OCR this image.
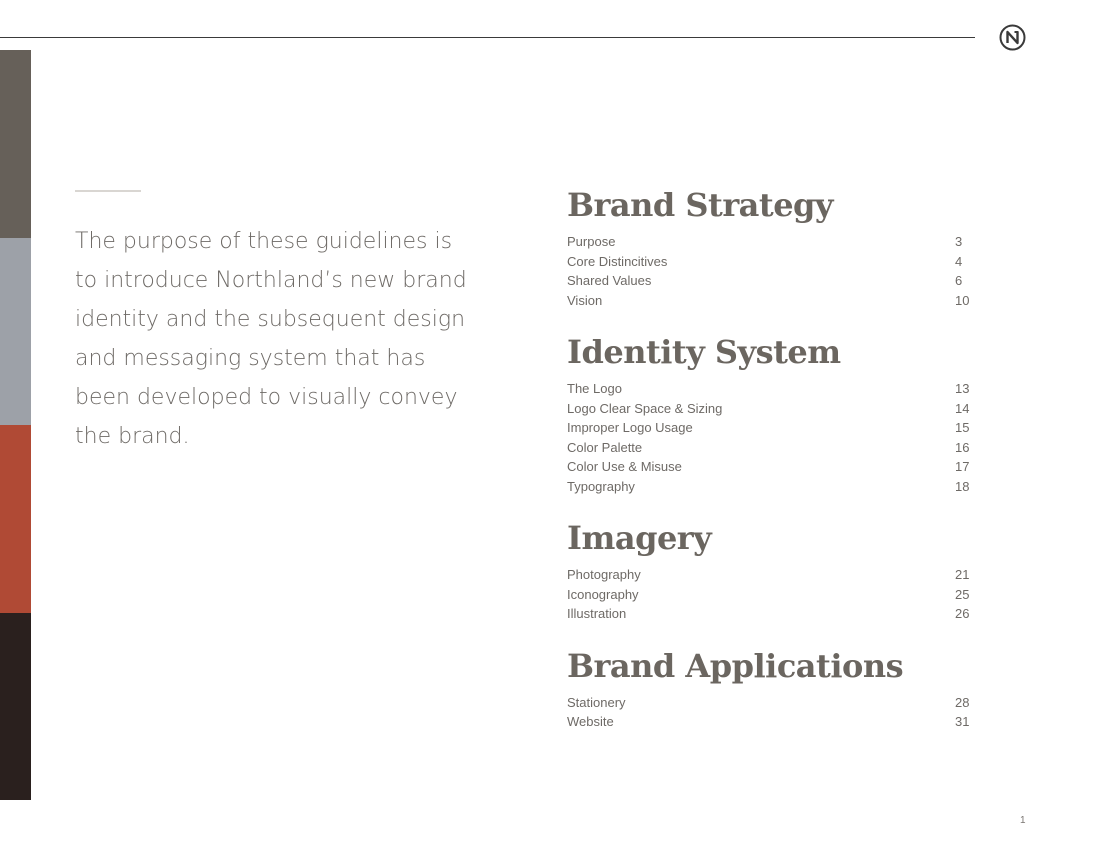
The purpose of these guidelines is to introduce Northland’s new brand identity and the subsequent design and messaging system that has been developed to visually convey the brand.

Brand Strategy
Purpose	3
Core Distincitives	4
Shared Values	6
Vision	10
Identity System
The Logo	13
Logo Clear Space & Sizing	14
Improper Logo Usage	15
Color Palette	16
Color Use & Misuse	17
Typography	18
Imagery
Photography	21
Iconography	25
Illustration	26
Brand Applications
Stationery	28
Website	31
1
